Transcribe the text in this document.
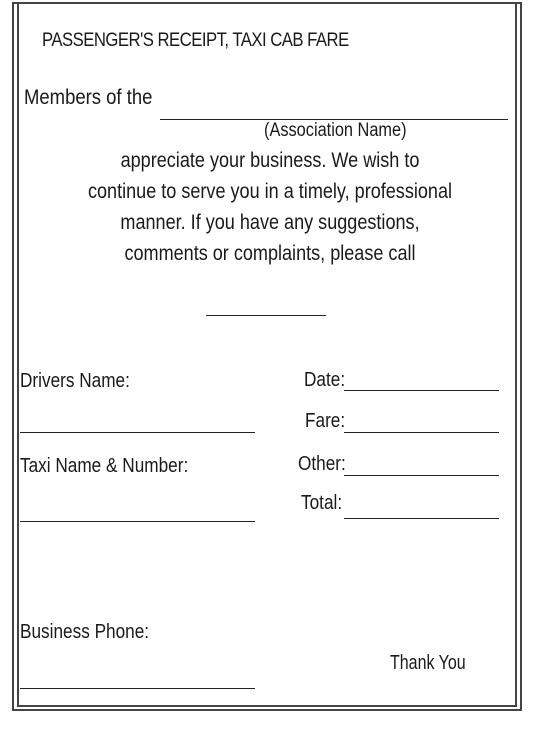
PASSENGER'S RECEIPT, TAXI CAB FARE
Members of the
(Association Name)
appreciate your business. We wish to
continue to serve you in a timely, professional
manner. If you have any suggestions,
comments or complaints, please call
Drivers Name:
Taxi Name & Number:
Business Phone:
Date:
Fare:
Other:
Total:
Thank You
